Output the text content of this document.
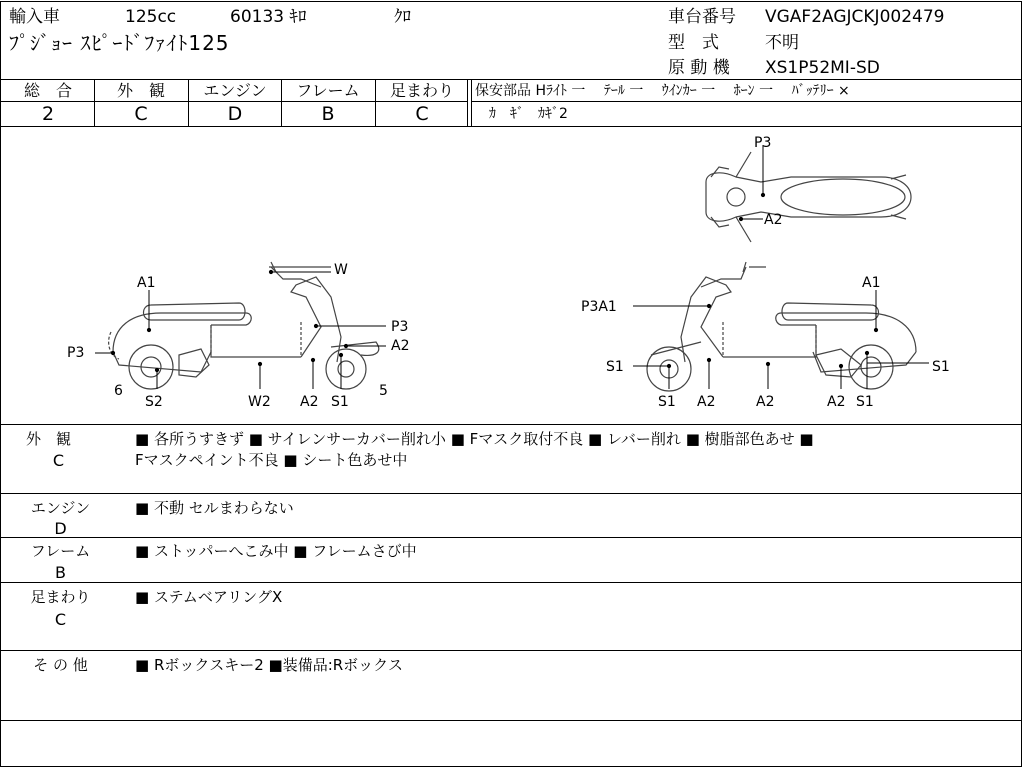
輸入車	125cc	60133 ｷﾛ	ｸﾛ
ﾌﾟｼﾞｮｰ ｽﾋﾟｰﾄﾞﾌｧｲﾄ125
車台番号 VGAF2AGJCKJ002479
型　式	不明
原 動 機 XS1P52MI-SD
総　合
2
外　観
C
エンジン
D
フレーム
B
足まわり
C
保安部品 Hﾗｲﾄ 一　 ﾃｰﾙ 一 　ｳｲﾝｶｰ 一 　ﾎｰﾝ 一 　ﾊﾞｯﾃﾘｰ ×
ｶ　ｷﾞ　ｶｷﾞ2
A1
W
P3
A2
P3
6
S2	W2 A2 S1
5
A1
P3A1
S1
S1
S1
A2	A2	A2 S1
P3
A2
外　観
C
■ 各所うすきず ■ サイレンサーカバー削れ小 ■ Fマスク取付不良 ■ レバー削れ ■ 樹脂部色あせ ■
Fマスクペイント不良 ■ シート色あせ中
エンジン
D
■ 不動 セルまわらない
フレーム
B
■ ストッパーへこみ中 ■ フレームさび中
足まわり
C
■ ステムベアリングX
そ の 他	■ Rボックスキー2 ■装備品:Rボックス
